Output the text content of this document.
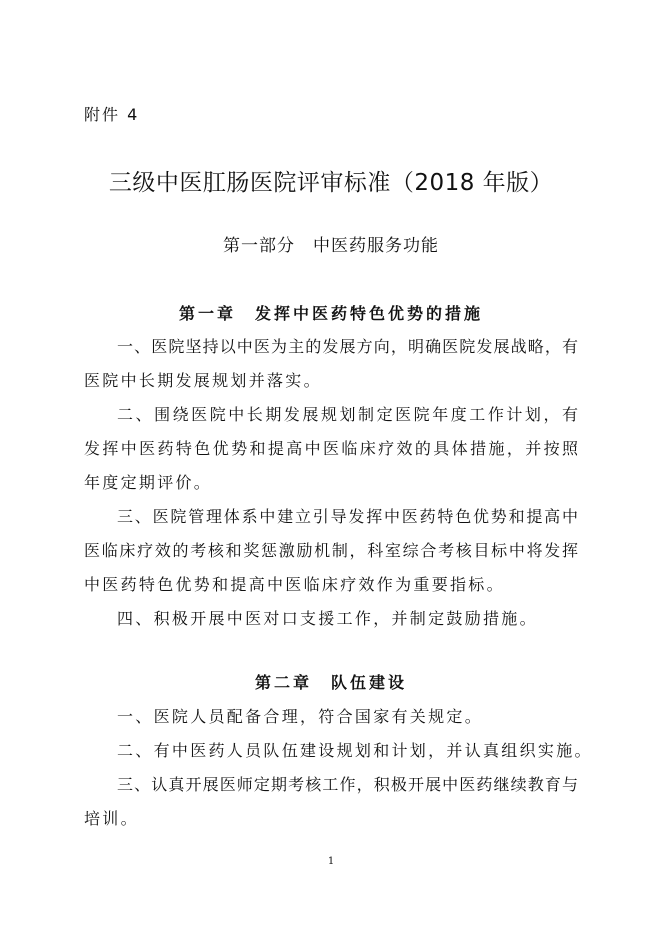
附件 4
三级中医肛肠医院评审标准（2018 年版）
第一部分　中医药服务功能
第一章　发挥中医药特色优势的措施
一、医院坚持以中医为主的发展方向，明确医院发展战略，有
医院中长期发展规划并落实。
二、围绕医院中长期发展规划制定医院年度工作计划，有
发挥中医药特色优势和提高中医临床疗效的具体措施，并按照
年度定期评价。
三、医院管理体系中建立引导发挥中医药特色优势和提高中
医临床疗效的考核和奖惩激励机制，科室综合考核目标中将发挥
中医药特色优势和提高中医临床疗效作为重要指标。
四、积极开展中医对口支援工作，并制定鼓励措施。
第二章　队伍建设
一、医院人员配备合理，符合国家有关规定。
二、有中医药人员队伍建设规划和计划，并认真组织实施。
三、认真开展医师定期考核工作，积极开展中医药继续教育与
培训。
1
